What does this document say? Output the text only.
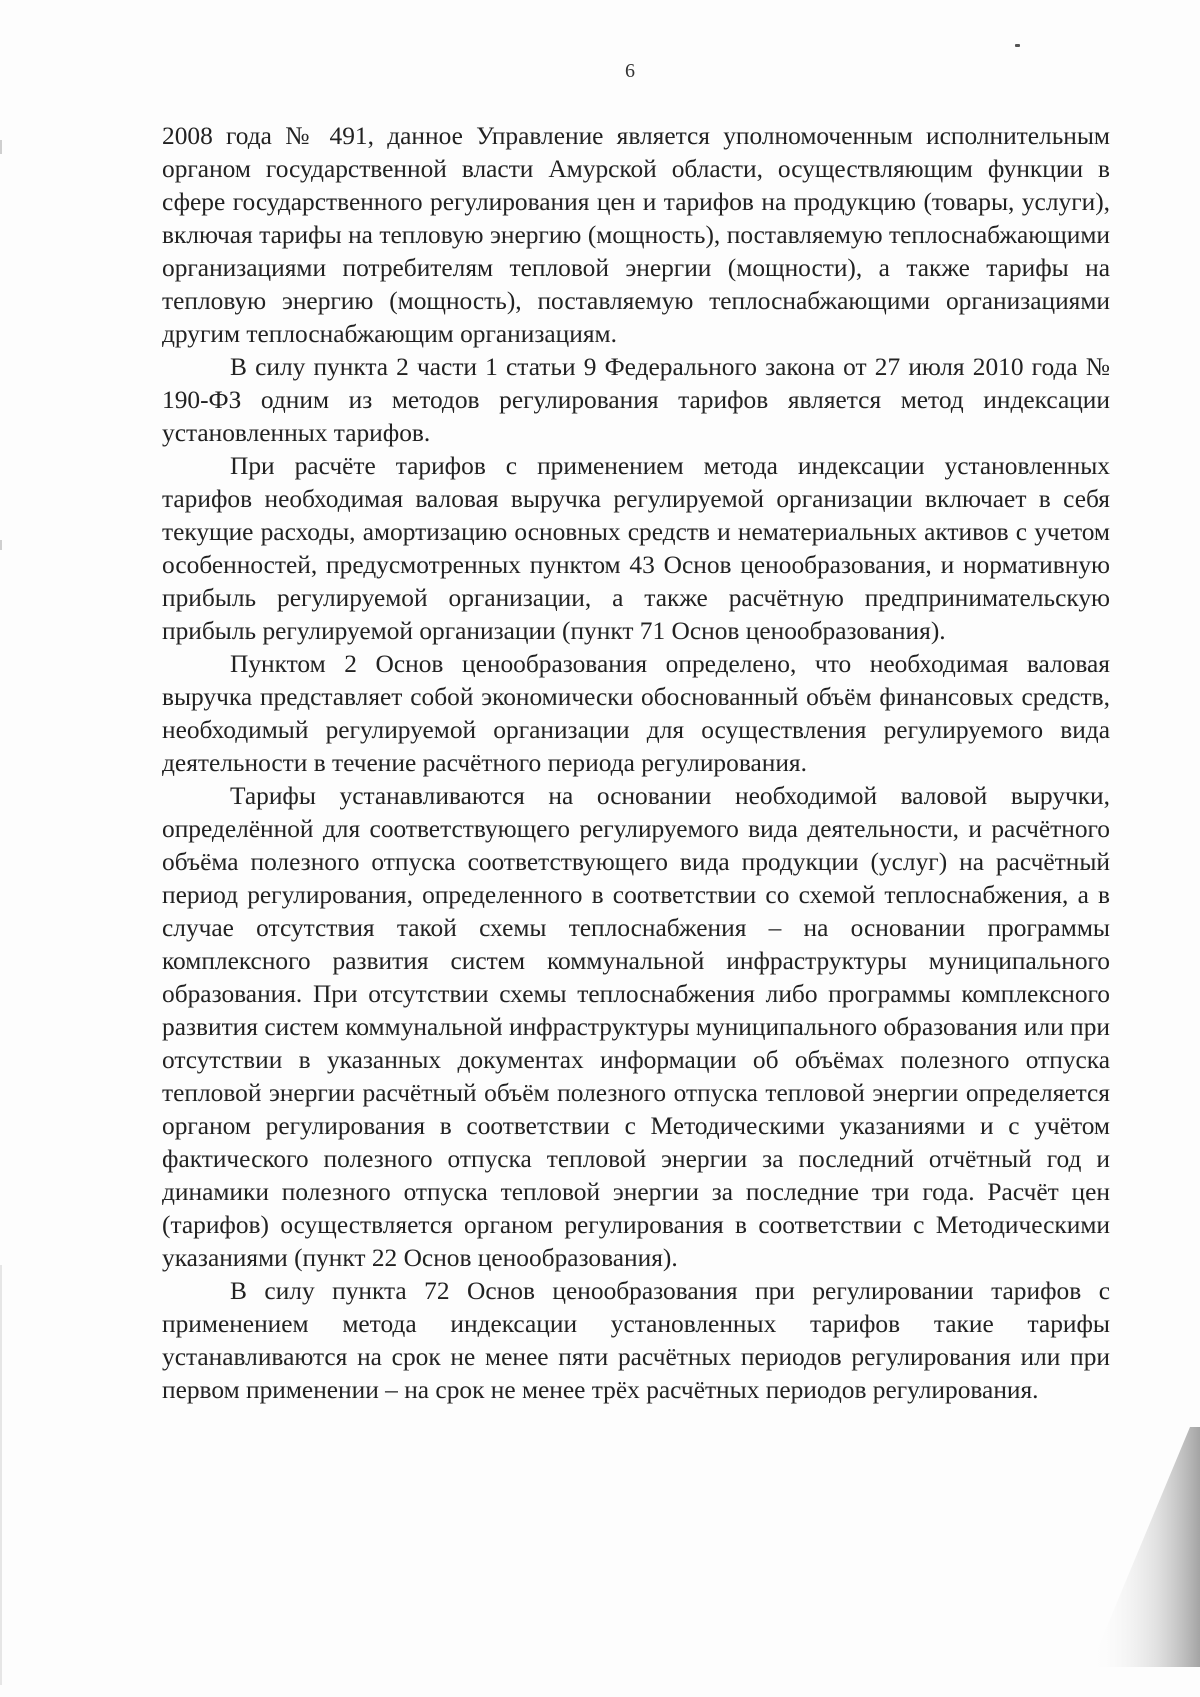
6

2008 года № 491, данное Управление является уполномоченным исполнительным органом государственной власти Амурской области, осуществляющим функции в сфере государственного регулирования цен и тарифов на продукцию (товары, услуги), включая тарифы на тепловую энергию (мощность), поставляемую теплоснабжающими организациями потребителям тепловой энергии (мощности), а также тарифы на тепловую энергию (мощность), поставляемую теплоснабжающими организациями другим теплоснабжающим организациям.

В силу пункта 2 части 1 статьи 9 Федерального закона от 27 июля 2010 года № 190-ФЗ одним из методов регулирования тарифов является метод индексации установленных тарифов.

При расчёте тарифов с применением метода индексации установленных тарифов необходимая валовая выручка регулируемой организации включает в себя текущие расходы, амортизацию основных средств и нематериальных активов с учетом особенностей, предусмотренных пунктом 43 Основ ценообразования, и нормативную прибыль регулируемой организации, а также расчётную предпринимательскую прибыль регулируемой организации (пункт 71 Основ ценообразования).

Пунктом 2 Основ ценообразования определено, что необходимая валовая выручка представляет собой экономически обоснованный объём финансовых средств, необходимый регулируемой организации для осуществления регулируемого вида деятельности в течение расчётного периода регулирования.

Тарифы устанавливаются на основании необходимой валовой выручки, определённой для соответствующего регулируемого вида деятельности, и расчётного объёма полезного отпуска соответствующего вида продукции (услуг) на расчётный период регулирования, определенного в соответствии со схемой теплоснабжения, а в случае отсутствия такой схемы теплоснабжения – на основании программы комплексного развития систем коммунальной инфраструктуры муниципального образования. При отсутствии схемы теплоснабжения либо программы комплексного развития систем коммунальной инфраструктуры муниципального образования или при отсутствии в указанных документах информации об объёмах полезного отпуска тепловой энергии расчётный объём полезного отпуска тепловой энергии определяется органом регулирования в соответствии с Методическими указаниями и с учётом фактического полезного отпуска тепловой энергии за последний отчётный год и динамики полезного отпуска тепловой энергии за последние три года. Расчёт цен (тарифов) осуществляется органом регулирования в соответствии с Методическими указаниями (пункт 22 Основ ценообразования).

В силу пункта 72 Основ ценообразования при регулировании тарифов с применением метода индексации установленных тарифов такие тарифы устанавливаются на срок не менее пяти расчётных периодов регулирования или при первом применении – на срок не менее трёх расчётных периодов регулирования.
